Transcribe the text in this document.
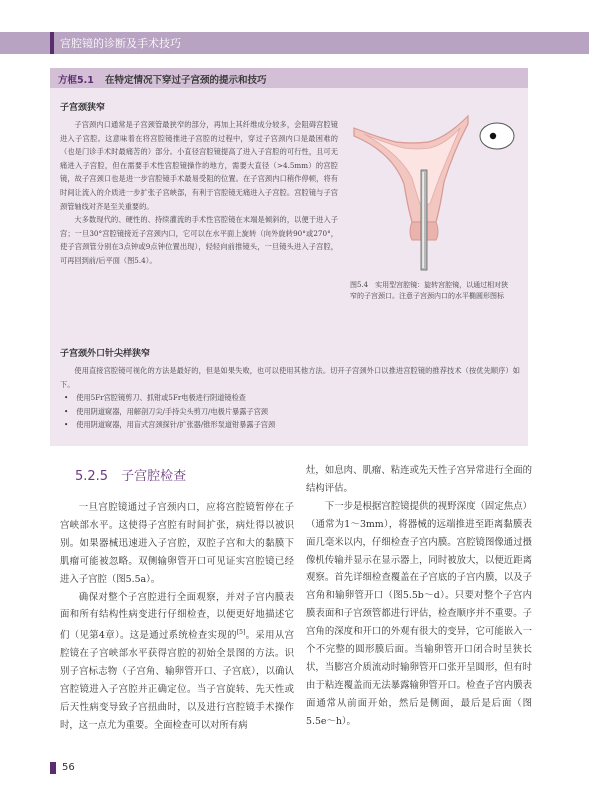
宫腔镜的诊断及手术技巧
方框5.1 在特定情况下穿过子宫颈的提示和技巧
子宫颈狭窄

子宫颈内口通常是子宫颈管最狭窄的部分，再加上其纤维成分较多，会阻碍宫腔镜进入子宫腔。这意味着在将宫腔镜推进子宫腔的过程中，穿过子宫颈内口是最困难的（也是门诊手术时最痛苦的）部分。小直径宫腔镜提高了进入子宫腔的可行性，且可无痛进入子宫腔，但在需要手术性宫腔镜操作的地方，需要大直径（>4.5mm）的宫腔镜，故子宫颈口也是进一步宫腔镜手术最易受阻的位置。在子宫颈内口稍作停顿，将有时间让流入的介质进一步扩张子宫峡部，有利于宫腔镜无痛进入子宫腔。宫腔镜与子宫颈管轴线对齐是至关重要的。

大多数现代的、硬性的、持续灌流的手术性宫腔镜在末端是倾斜的，以便于进入子宫；一旦30°宫腔镜接近子宫颈内口，它可以在水平面上旋转（向外旋转90°或270°，使子宫颈管分别在3点钟或9点钟位置出现），轻轻向前推镜头，一旦镜头进入子宫腔，可再回到前/后平面（图5.4）。

子宫颈外口针尖样狭窄

使用直接宫腔镜可视化的方法是最好的，但是如果失败，也可以使用其他方法。切开子宫颈外口以推进宫腔镜的推荐技术（按优先顺序）如下。

• 使用5Fr宫腔镜剪刀、抓钳或5Fr电极进行阴道镜检查
• 使用阴道窥器，用解剖刀尖/手持尖头剪刀/电极片暴露子宫颈
• 使用阴道窥器，用盲式宫颈探针/扩张器/锥形泵道钳暴露子宫颈
图5.4　实用型宫腔镜：旋转宫腔镜，以通过相对狭窄的子宫颈口。注意子宫颈内口的水平椭圆形图标
5.2.5　子宫腔检查

一旦宫腔镜通过子宫颈内口，应将宫腔镜暂停在子宫峡部水平。这使得子宫腔有时间扩张，病灶得以被识别。如果器械迅速进入子宫腔，双腔子宫和大的黏膜下肌瘤可能被忽略。双侧输卵管开口可见证实宫腔镜已经进入子宫腔（图5.5a）。

确保对整个子宫腔进行全面观察，并对子宫内膜表面和所有结构性病变进行仔细检查，以便更好地描述它们（见第4章）。这是通过系统检查实现的[5]。采用从宫腔镜在子宫峡部水平获得宫腔的初始全景图的方法。识别子宫标志物（子宫角、输卵管开口、子宫底），以确认宫腔镜进入子宫腔并正确定位。当子宫旋转、先天性或后天性病变导致子宫扭曲时，以及进行宫腔镜手术操作时，这一点尤为重要。全面检查可以对所有病

灶，如息肉、肌瘤、粘连或先天性子宫异常进行全面的结构评估。

下一步是根据宫腔镜提供的视野深度（固定焦点）（通常为1～3mm），将器械的远端推进至距离黏膜表面几毫米以内，仔细检查子宫内膜。宫腔镜图像通过摄像机传输并显示在显示器上，同时被放大，以便近距离观察。首先详细检查覆盖在子宫底的子宫内膜，以及子宫角和输卵管开口（图5.5b～d）。只要对整个子宫内膜表面和子宫颈管都进行评估，检查顺序并不重要。子宫角的深度和开口的外观有很大的变异，它可能嵌入一个不完整的圆形膜后面。当输卵管开口闭合时呈狭长状，当膨宫介质流动时输卵管开口张开呈圆形，但有时由于粘连覆盖而无法暴露输卵管开口。检查子宫内膜表面通常从前面开始，然后是侧面，最后是后面（图5.5e～h）。

56
